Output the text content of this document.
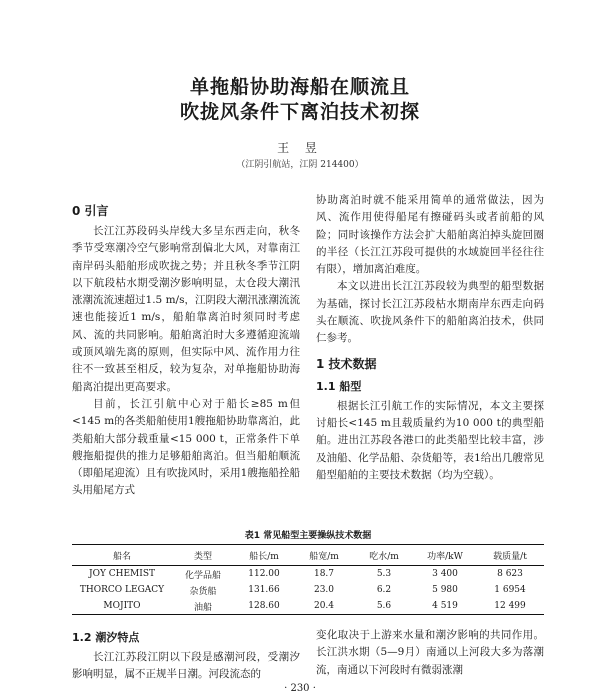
单拖船协助海船在顺流且
吹拢风条件下离泊技术初探
王 昱
（江阴引航站，江阴 214400）

0 引言

长江江苏段码头岸线大多呈东西走向，秋冬季节受寒潮冷空气影响常刮偏北大风，对靠南江南岸码头船舶形成吹拢之势；并且秋冬季节江阴以下航段枯水期受潮汐影响明显，太仓段大潮汛涨潮流流速超过1.5 m/s，江阴段大潮汛涨潮流流速也能接近1 m/s，船舶靠离泊时须同时考虑风、流的共同影响。船舶离泊时大多遵循迎流端或顶风端先离的原则，但实际中风、流作用力往往不一致甚至相反，较为复杂，对单拖船协助海船离泊提出更高要求。

目前，长江引航中心对于船长≥85 m但<145 m的各类船舶使用1艘拖船协助靠离泊，此类船舶大部分载重量<15 000 t，正常条件下单艘拖船提供的推力足够船舶离泊。但当船舶顺流（即船尾迎流）且有吹拢风时，采用1艘拖船拴船头用船尾方式

协助离泊时就不能采用简单的通常做法，因为风、流作用使得船尾有擦碰码头或者前船的风险；同时该操作方法会扩大船舶离泊掉头旋回圈的半径（长江江苏段可提供的水域旋回半径往往有限），增加离泊难度。

本文以进出长江江苏段较为典型的船型数据为基础，探讨长江江苏段枯水期南岸东西走向码头在顺流、吹拢风条件下的船舶离泊技术，供同仁参考。

1 技术数据

1.1 船型

根据长江引航工作的实际情况，本文主要探讨船长<145 m且载质量约为10 000 t的典型船舶。进出江苏段各港口的此类船型比较丰富，涉及油船、化学品船、杂货船等，表1给出几艘常见船型船舶的主要技术数据（均为空载）。

表1 常见船型主要操纵技术数据
船名	类型	船长/m	船宽/m	吃水/m	功率/kW	载质量/t
JOY CHEMIST	化学品船	112.00	18.7	5.3	3 400	8 623
THORCO LEGACY	杂货船	131.66	23.0	6.2	5 980	1 6954
MOJITO	油船	128.60	20.4	5.6	4 519	12 499

1.2 潮汐特点

长江江苏段江阴以下段是感潮河段，受潮汐影响明显，属不正规半日潮。河段流态的

变化取决于上游来水量和潮汐影响的共同作用。长江洪水期（5—9月）南通以上河段大多为落潮流，南通以下河段时有微弱涨潮

· 230 ·
